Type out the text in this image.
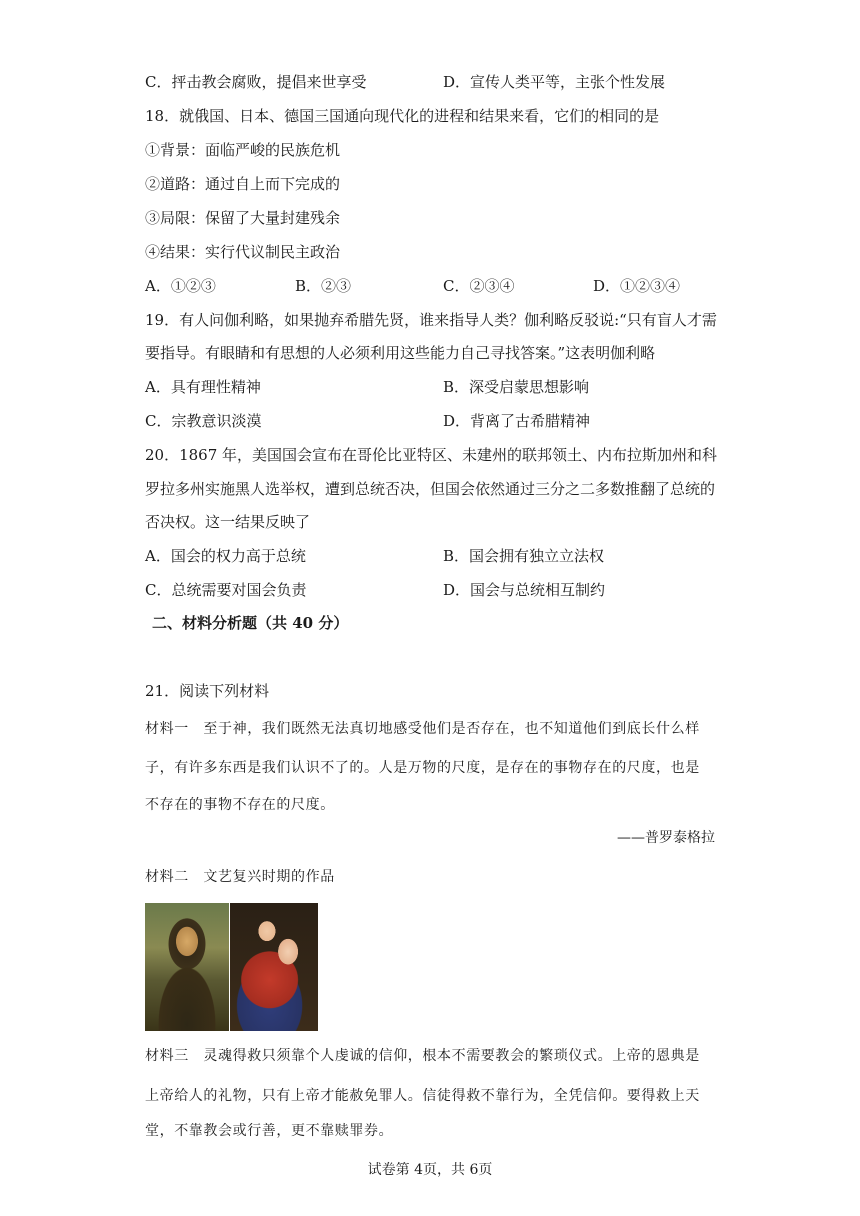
C．抨击教会腐败，提倡来世享受	D．宣传人类平等，主张个性发展
18．就俄国、日本、德国三国通向现代化的进程和结果来看，它们的相同的是
①背景：面临严峻的民族危机
②道路：通过自上而下完成的
③局限：保留了大量封建残余
④结果：实行代议制民主政治
A．①②③	B．②③	C．②③④	D．①②③④
19．有人问伽利略，如果抛弃希腊先贤，谁来指导人类？伽利略反驳说:“只有盲人才需
要指导。有眼睛和有思想的人必须利用这些能力自己寻找答案。”这表明伽利略
A．具有理性精神	B．深受启蒙思想影响
C．宗教意识淡漠	D．背离了古希腊精神
20．1867 年，美国国会宣布在哥伦比亚特区、未建州的联邦领土、内布拉斯加州和科
罗拉多州实施黑人选举权，遭到总统否决，但国会依然通过三分之二多数推翻了总统的
否决权。这一结果反映了
A．国会的权力高于总统	B．国会拥有独立立法权
C．总统需要对国会负责	D．国会与总统相互制约
二、材料分析题（共 40 分）
21．阅读下列材料
材料一　至于神，我们既然无法真切地感受他们是否存在，也不知道他们到底长什么样
子，有许多东西是我们认识不了的。人是万物的尺度，是存在的事物存在的尺度，也是
不存在的事物不存在的尺度。
——普罗泰格拉
材料二　文艺复兴时期的作品
材料三　灵魂得救只须靠个人虔诚的信仰，根本不需要教会的繁琐仪式。上帝的恩典是
上帝给人的礼物，只有上帝才能赦免罪人。信徒得救不靠行为，全凭信仰。要得救上天
堂，不靠教会或行善，更不靠赎罪券。
试卷第 4页，共 6页
